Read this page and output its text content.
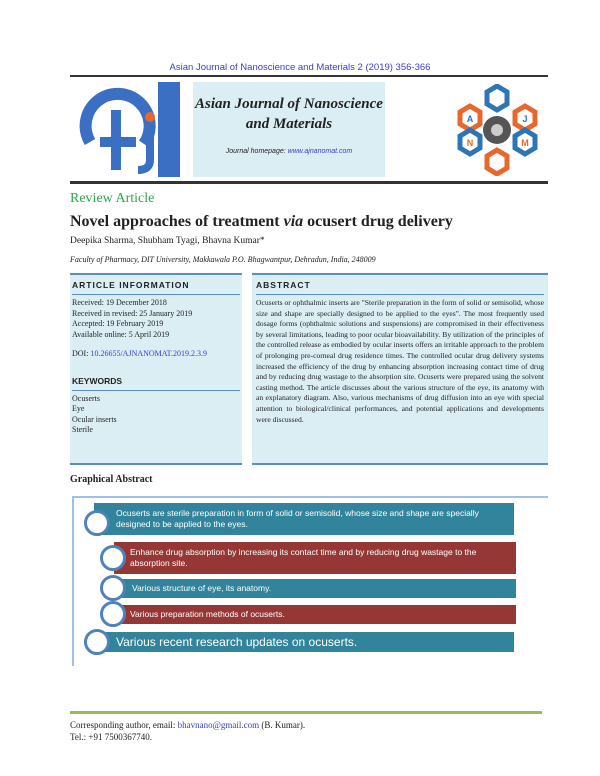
Asian Journal of Nanoscience and Materials 2 (2019) 356-366
Asian Journal of Nanoscience and Materials
Journal homepage: www.ajnanomat.com
A	J
N	M
Review Article
Novel approaches of treatment via ocusert drug delivery
Deepika Sharma, Shubham Tyagi, Bhavna Kumar*
Faculty of Pharmacy, DIT University, Makkawala P.O. Bhagwantpur, Dehradun, India, 248009
ARTICLE INFORMATION
Received: 19 December 2018
Received in revised: 25 January 2019
Accepted: 19 February 2019
Available online: 5 April 2019
DOI: 10.26655/AJNANOMAT.2019.2.3.9
KEYWORDS
Ocuserts
Eye
Ocular inserts
Sterile
ABSTRACT
Ocuserts or ophthalmic inserts are "Sterile preparation in the form of solid or semisolid, whose size and shape are specially designed to be applied to the eyes". The most frequently used dosage forms (ophthalmic solutions and suspensions) are compromised in their effectiveness by several limitations, leading to poor ocular bioavailability. By utilization of the principles of the controlled release as embodied by ocular inserts offers an irritable approach to the problem of prolonging pre-corneal drug residence times. The controlled ocular drug delivery systems increased the efficiency of the drug by enhancing absorption increasing contact time of drug and by reducing drug wastage to the absorption site. Ocuserts were prepared using the solvent casting method. The article discusses about the various structure of the eye, its anatomy with an explanatory diagram. Also, various mechanisms of drug diffusion into an eye with special attention to biological/clinical performances, and potential applications and developments were discussed.
Graphical Abstract
Ocuserts are sterile preparation in form of solid or semisolid, whose size and shape are specially designed to be applied to the eyes.
Enhance drug absorption by increasing its contact time and by reducing drug wastage to the absorption site.
Various structure of eye, its anatomy.
Various preparation methods of ocuserts.
Various recent research updates on ocuserts.
Corresponding author, email: bhavnano@gmail.com (B. Kumar).
Tel.: +91 7500367740.
